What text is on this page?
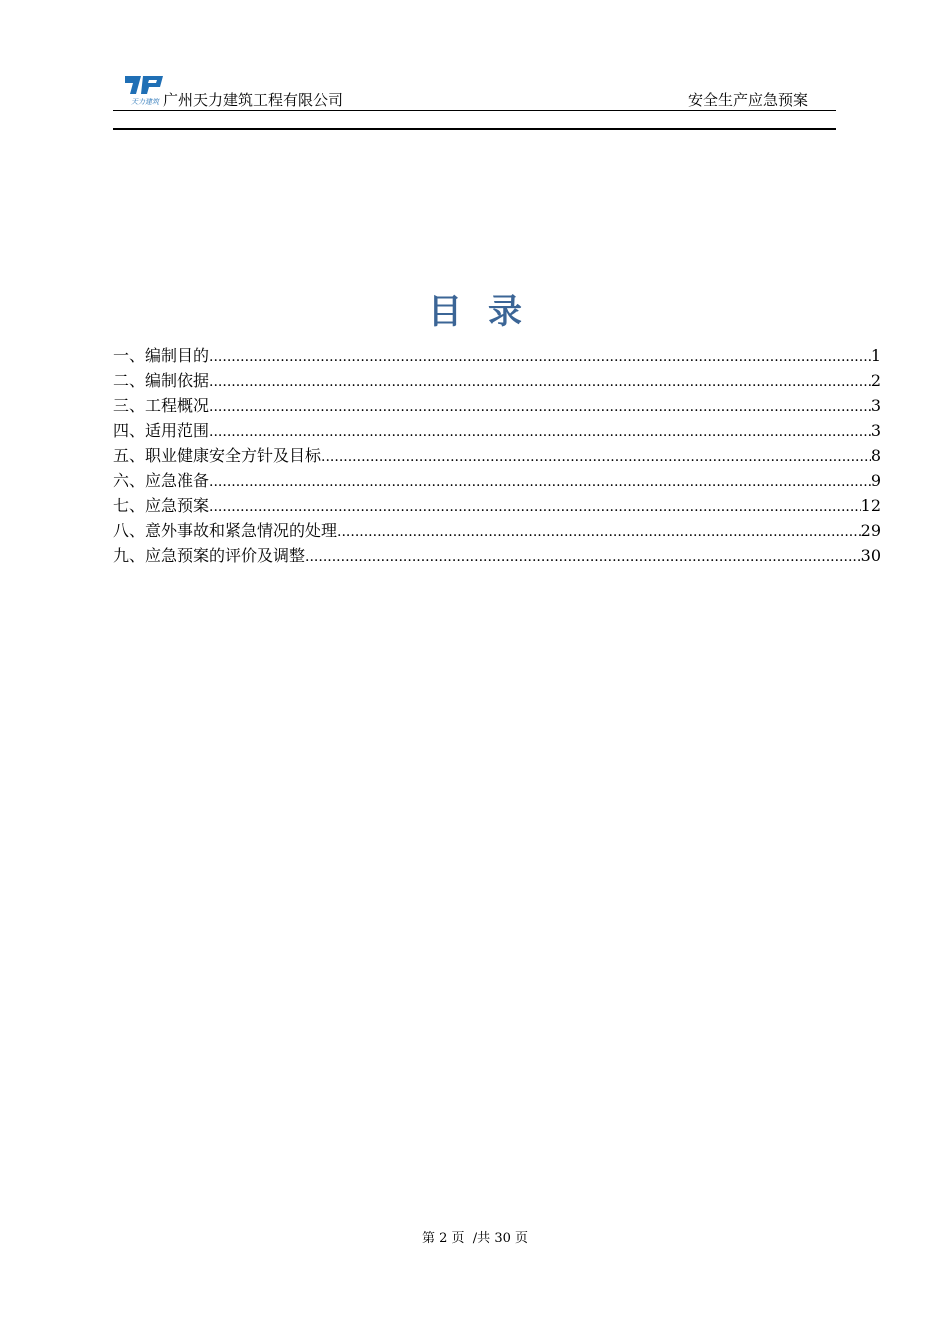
天力建筑 广州天力建筑工程有限公司	安全生产应急预案
目录
一、编制目的 .....	1
二、编制依据 .....	2
三、工程概况 .....	3
四、适用范围 .....	3
五、职业健康安全方针及目标 .....	8
六、应急准备 .....	9
七、应急预案 .....	12
八、意外事故和紧急情况的处理 .....	29
九、应急预案的评价及调整 .....	30
第 2 页  /共 30 页
